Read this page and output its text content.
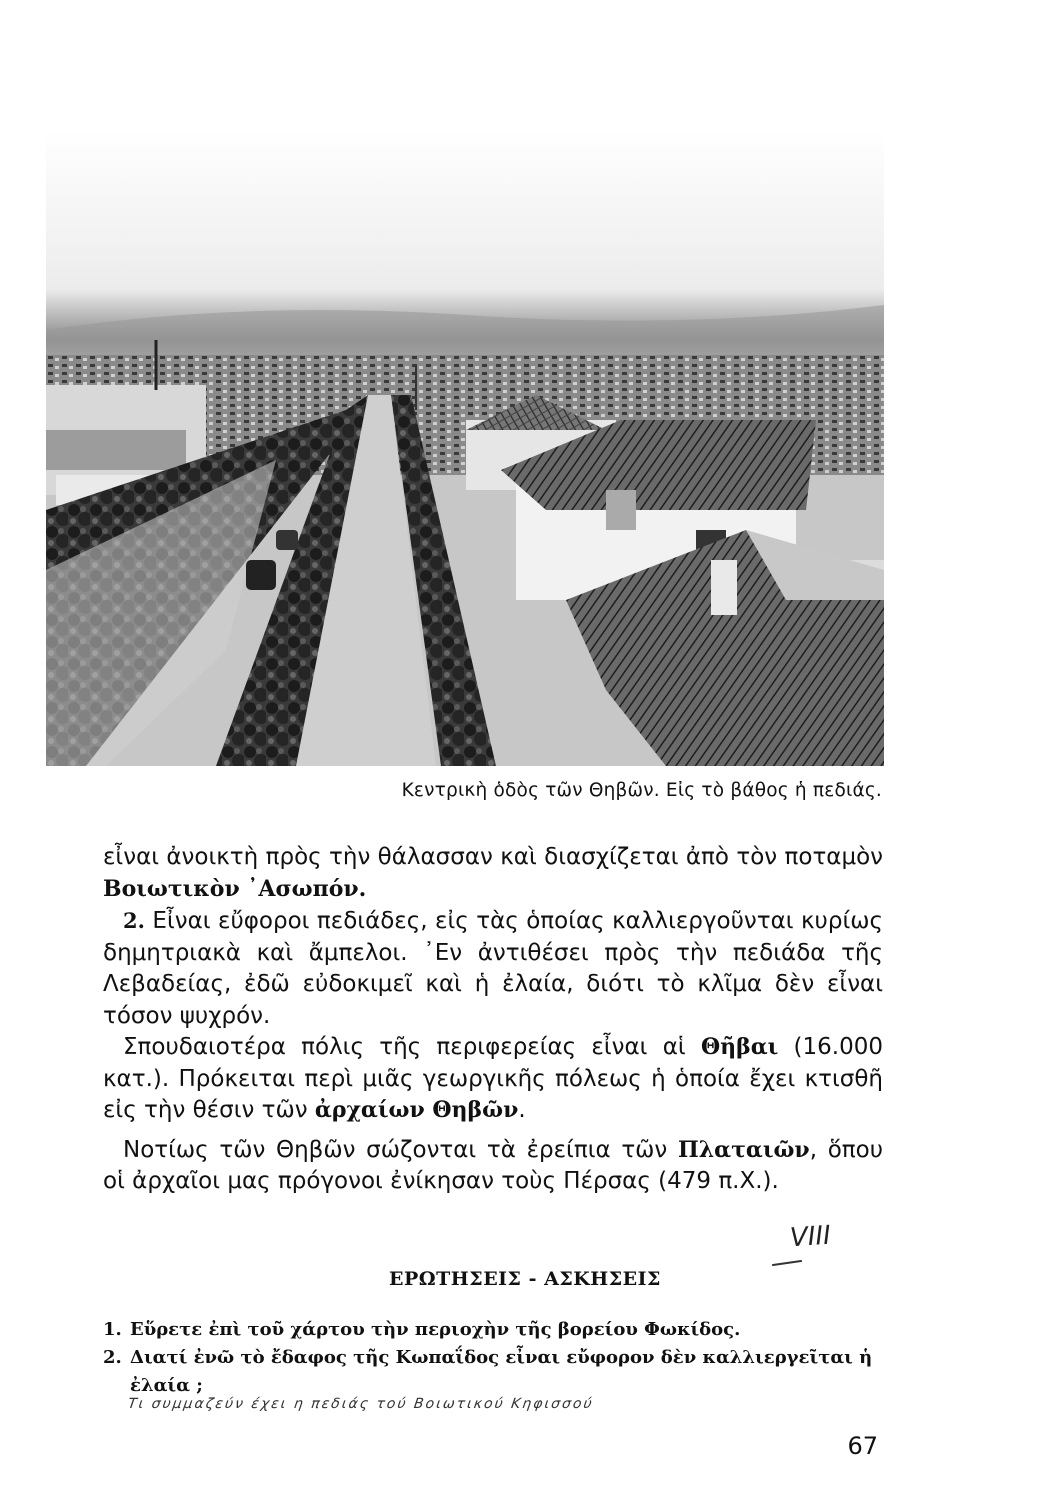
Κεντρικὴ ὁδὸς τῶν Θηβῶν. Εἰς τὸ βάθος ἡ πεδιάς.

εἶναι ἀνοικτὴ πρὸς τὴν θάλασσαν καὶ διασχίζεται ἀπὸ τὸν ποταμὸν Βοιωτικὸν ᾿Ασωπόν.

2. Εἶναι εὔφοροι πεδιάδες, εἰς τὰς ὁποίας καλλιεργοῦνται κυρίως δημητριακὰ καὶ ἄμπελοι. ᾿Εν ἀντιθέσει πρὸς τὴν πεδιάδα τῆς Λεβαδείας, ἐδῶ εὐδοκιμεῖ καὶ ἡ ἐλαία, διότι τὸ κλῖμα δὲν εἶναι τόσον ψυχρόν.

Σπουδαιοτέρα πόλις τῆς περιφερείας εἶναι αἱ Θῆβαι (16.000 κατ.). Πρόκειται περὶ μιᾶς γεωργικῆς πόλεως ἡ ὁποία ἔχει κτισθῆ εἰς τὴν θέσιν τῶν ἀρχαίων Θηβῶν.

Νοτίως τῶν Θηβῶν σώζονται τὰ ἐρείπια τῶν Πλαταιῶν, ὅπου οἱ ἀρχαῖοι μας πρόγονοι ἐνίκησαν τοὺς Πέρσας (479 π.Χ.).

VIII
ΕΡΩΤΗΣΕΙΣ - ΑΣΚΗΣΕΙΣ
1. Εὕρετε ἐπὶ τοῦ χάρτου τὴν περιοχὴν τῆς βορείου Φωκίδος.
2. Διατί ἐνῶ τὸ ἔδαφος τῆς Κωπαΐδος εἶναι εὔφορον δὲν καλλιεργεῖται ἡ ἐλαία ;
Τι συμμαζεύν έχει η πεδιάς τού Βοιωτικού Κηφισσού
67
